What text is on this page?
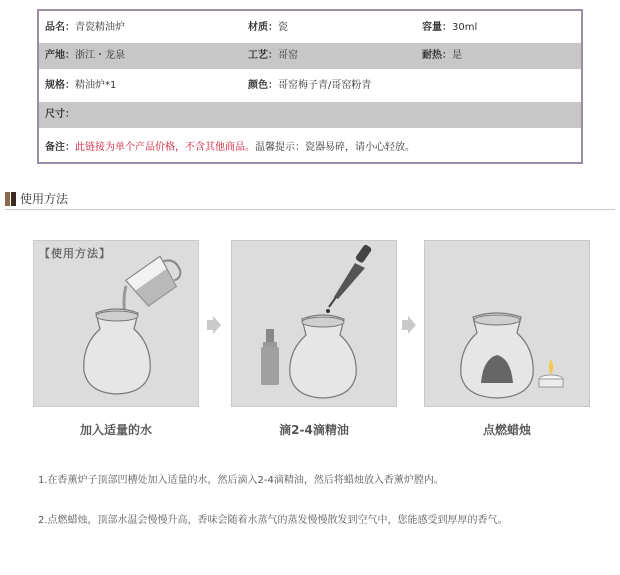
品名：青瓷精油炉	材质：瓷	容量：30ml
产地：浙江・龙泉	工艺：哥窑	耐热：是
规格：精油炉*1	颜色：哥窑梅子青/哥窑粉青
尺寸：
备注：此链接为单个产品价格，不含其他商品。温馨提示：瓷器易碎，请小心轻放。
使用方法
【使用方法】
加入适量的水	滴2-4滴精油	点燃蜡烛
1.在香薰炉子顶部凹槽处加入适量的水，然后滴入2-4滴精油，然后将蜡烛放入香薰炉膛内。
2.点燃蜡烛，顶部水温会慢慢升高，香味会随着水蒸气的蒸发慢慢散发到空气中，您能感受到厚厚的香气。
